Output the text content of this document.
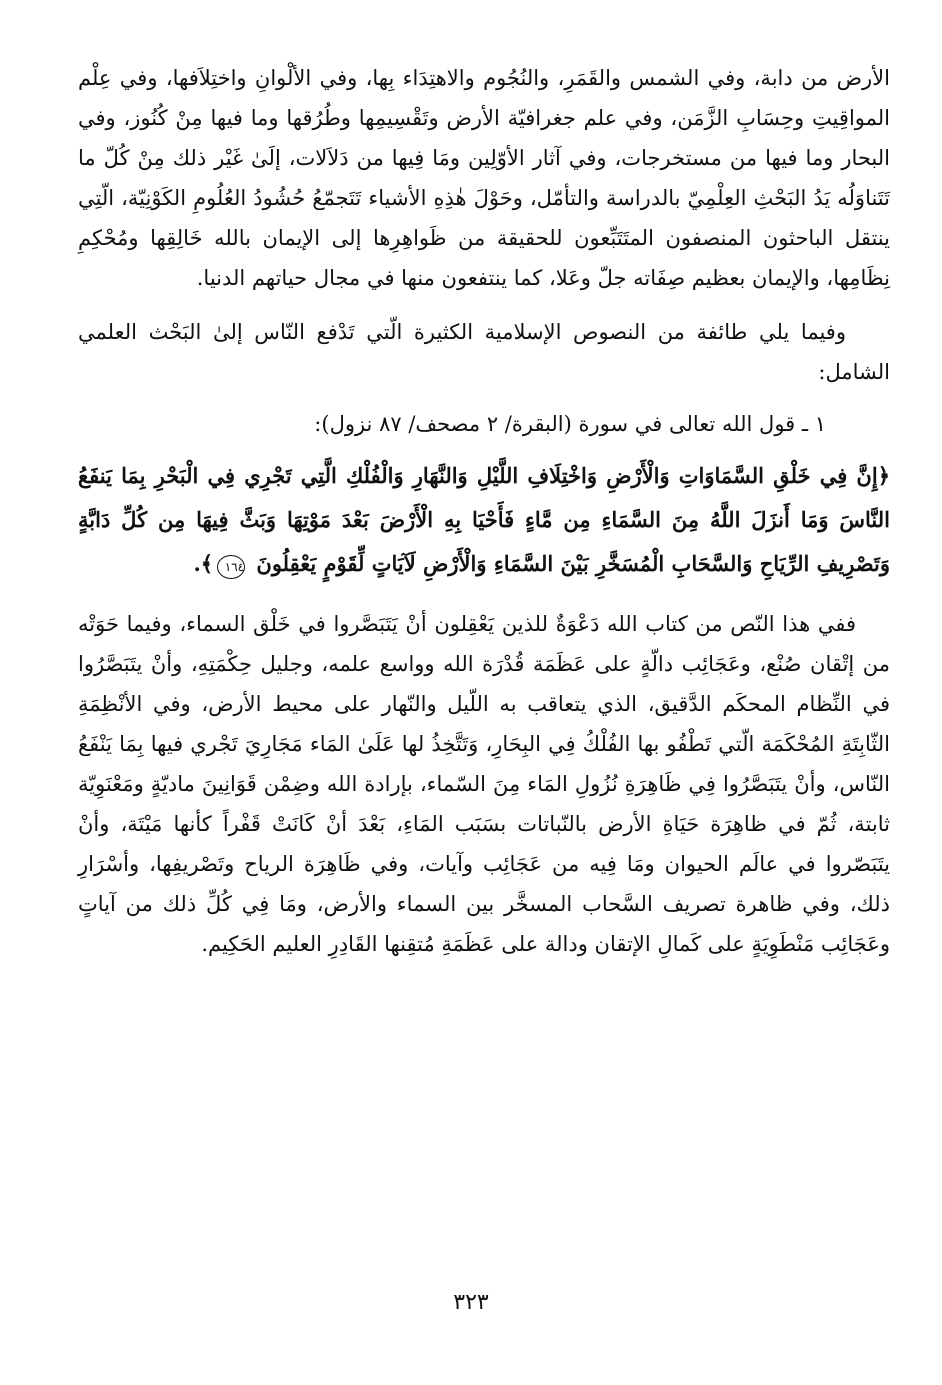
الأرض من دابة، وفي الشمس والقَمَرِ، والنُجُوم والاهتِدَاء بِها، وفي الألْوانِ واختِلاَفها، وفي عِلْم المواقِيتِ وحِسَابِ الزَّمَن، وفي علم جغرافيّة الأرض وتَقْسِيمِها وطُرُقها وما فيها مِنْ كُنُوز، وفي البحار وما فيها من مستخرجات، وفي آثار الأوّلِين ومَا فِيها من دَلاَلات، إلَىٰ غَيْر ذلك مِنْ كُلّ ما تَتَناوَلُه يَدُ البَحْثِ العِلْمِيّ بالدراسة والتأمّل، وحَوْلَ هٰذِهِ الأشياء تَتَجمّعُ حُشُودُ العُلُومِ الكَوْنِيّة، الّتِي ينتقل الباحثون المنصفون المتَتَبِّعون للحقيقة من ظَواهِرِها إلى الإيمان بالله خَالِقِها ومُحْكِمِ نِظَامِها، والإيمان بعظيم صِفَاته جلّ وعَلا، كما ينتفعون منها في مجال حياتهم الدنيا.

وفيما يلي طائفة من النصوص الإسلامية الكثيرة الّتي تَدْفع النّاس إلىٰ البَحْث العلمي الشامل:

١ ـ قول الله تعالى في سورة (البقرة/ ٢ مصحف/ ٨٧ نزول):

﴿إِنَّ فِي خَلْقِ السَّمَاوَاتِ وَالْأَرْضِ وَاخْتِلَافِ اللَّيْلِ وَالنَّهَارِ وَالْفُلْكِ الَّتِي تَجْرِي فِي الْبَحْرِ بِمَا يَنفَعُ النَّاسَ وَمَا أَنزَلَ اللَّهُ مِنَ السَّمَاءِ مِن مَّاءٍ فَأَحْيَا بِهِ الْأَرْضَ بَعْدَ مَوْتِهَا وَبَثَّ فِيهَا مِن كُلِّ دَابَّةٍ وَتَصْرِيفِ الرِّيَاحِ وَالسَّحَابِ الْمُسَخَّرِ بَيْنَ السَّمَاءِ وَالْأَرْضِ لَآيَاتٍ لِّقَوْمٍ يَعْقِلُونَ ١٦٤﴾.

ففي هذا النّص من كتاب الله دَعْوَةٌ للذين يَعْقِلون أنْ يَتَبَصَّروا في خَلْق السماء، وفيما حَوَتْه من إتْقان صُنْع، وعَجَائِب دالّةٍ على عَظَمَة قُدْرَة الله وواسع علمه، وجليل حِكْمَتِهِ، وأنْ يتَبَصَّرُوا في النِّظام المحكَم الدَّقيق، الذي يتعاقب به اللّيل والنّهار على محيط الأرض، وفي الأنْظِمَةِ الثّابِتَةِ المُحْكَمَة الّتي تَطْفُو بها الفُلْكُ فِي البِحَارِ، وَتَتَّخِذُ لها عَلَىٰ المَاء مَجَارِيَ تَجْري فيها بِمَا يَنْفَعُ النّاس، وأنْ يتَبَصَّرُوا فِي ظَاهِرَةِ نُزُولِ المَاء مِنَ السّماء، بإرادة الله وضِمْن قَوَانِينَ ماديّةٍ ومَعْنَوِيّة ثابتة، ثُمّ في ظاهِرَة حَيَاةِ الأرض بالنّباتات بسَبَب المَاءِ، بَعْدَ أنْ كَانَتْ قَفْراً كأنها مَيْتَة، وأنْ يتَبَصّروا في عالَم الحيوان ومَا فِيه من عَجَائِب وآيات، وفي ظَاهِرَة الرياح وتَصْريفِها، وأسْرَارِ ذلك، وفي ظاهرة تصريف السَّحاب المسخَّر بين السماء والأرض، ومَا فِي كُلِّ ذلك من آياتٍ وعَجَائِب مَنْطَوِيَةٍ على كَمالِ الإتقان ودالة على عَظَمَةِ مُتقِنها القَادِرِ العليم الحَكِيم.

٣٢٣
